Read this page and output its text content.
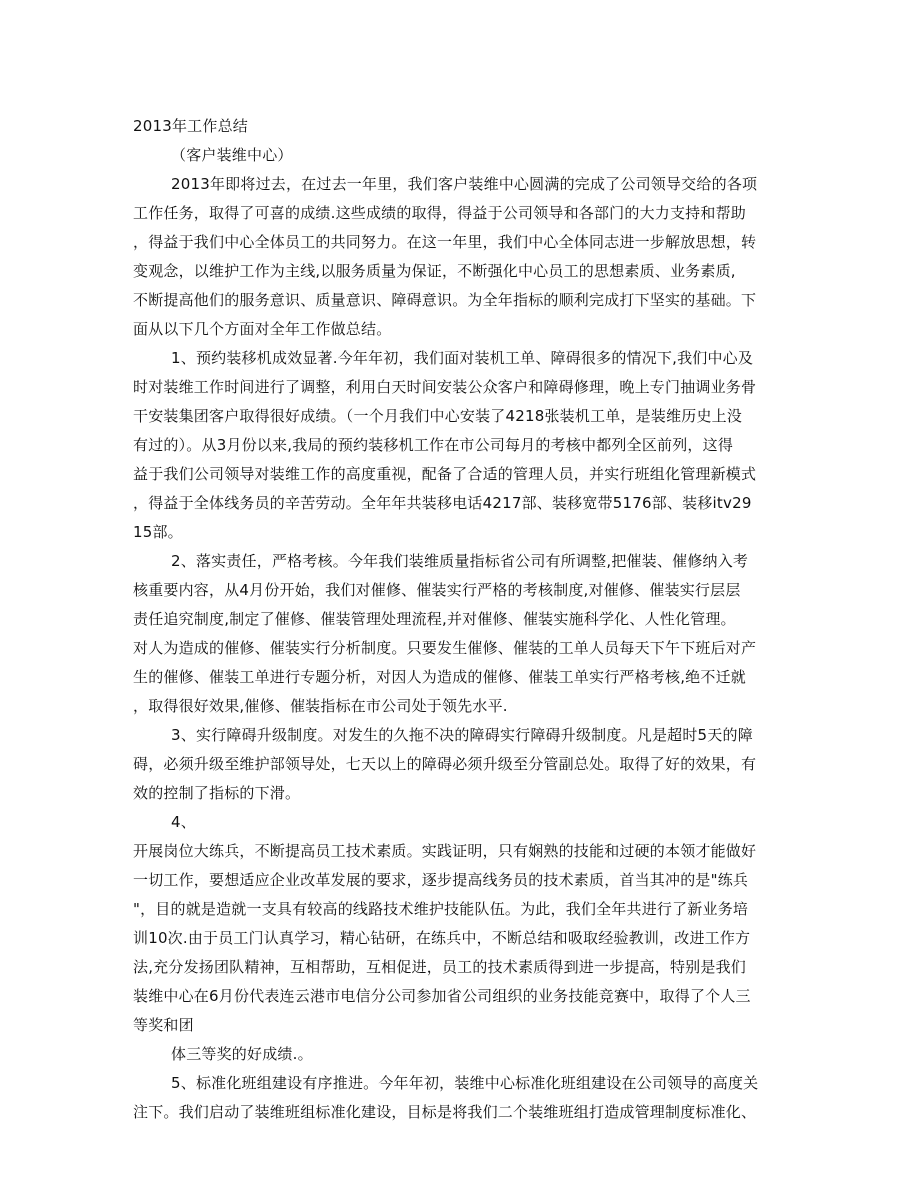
2013年工作总结
（客户装维中心）
2013年即将过去，在过去一年里，我们客户装维中心圆满的完成了公司领导交给的各项
工作任务，取得了可喜的成绩.这些成绩的取得，得益于公司领导和各部门的大力支持和帮助
，得益于我们中心全体员工的共同努力。在这一年里，我们中心全体同志进一步解放思想，转
变观念，以维护工作为主线,以服务质量为保证，不断强化中心员工的思想素质、业务素质,
不断提高他们的服务意识、质量意识、障碍意识。为全年指标的顺利完成打下坚实的基础。下
面从以下几个方面对全年工作做总结。
1、预约装移机成效显著.今年年初，我们面对装机工单、障碍很多的情况下,我们中心及
时对装维工作时间进行了调整，利用白天时间安装公众客户和障碍修理，晚上专门抽调业务骨
干安装集团客户取得很好成绩。（一个月我们中心安装了4218张装机工单，是装维历史上没
有过的）。从3月份以来,我局的预约装移机工作在市公司每月的考核中都列全区前列，这得
益于我们公司领导对装维工作的高度重视，配备了合适的管理人员，并实行班组化管理新模式
，得益于全体线务员的辛苦劳动。全年年共装移电话4217部、装移宽带5176部、装移itv29
15部。
2、落实责任，严格考核。今年我们装维质量指标省公司有所调整,把催装、催修纳入考
核重要内容，从4月份开始，我们对催修、催装实行严格的考核制度,对催修、催装实行层层
责任追究制度,制定了催修、催装管理处理流程,并对催修、催装实施科学化、人性化管理。
对人为造成的催修、催装实行分析制度。只要发生催修、催装的工单人员每天下午下班后对产
生的催修、催装工单进行专题分析，对因人为造成的催修、催装工单实行严格考核,绝不迁就
，取得很好效果,催修、催装指标在市公司处于领先水平.
3、实行障碍升级制度。对发生的久拖不决的障碍实行障碍升级制度。凡是超时5天的障
碍，必须升级至维护部领导处，七天以上的障碍必须升级至分管副总处。取得了好的效果，有
效的控制了指标的下滑。
4、
开展岗位大练兵，不断提高员工技术素质。实践证明，只有娴熟的技能和过硬的本领才能做好
一切工作，要想适应企业改革发展的要求，逐步提高线务员的技术素质，首当其冲的是"练兵
"，目的就是造就一支具有较高的线路技术维护技能队伍。为此，我们全年共进行了新业务培
训10次.由于员工门认真学习，精心钻研，在练兵中，不断总结和吸取经验教训，改进工作方
法,充分发扬团队精神，互相帮助，互相促进，员工的技术素质得到进一步提高，特别是我们
装维中心在6月份代表连云港市电信分公司参加省公司组织的业务技能竞赛中，取得了个人三
等奖和团
体三等奖的好成绩.。
5、标准化班组建设有序推进。今年年初，装维中心标准化班组建设在公司领导的高度关
注下。我们启动了装维班组标准化建设，目标是将我们二个装维班组打造成管理制度标准化、
